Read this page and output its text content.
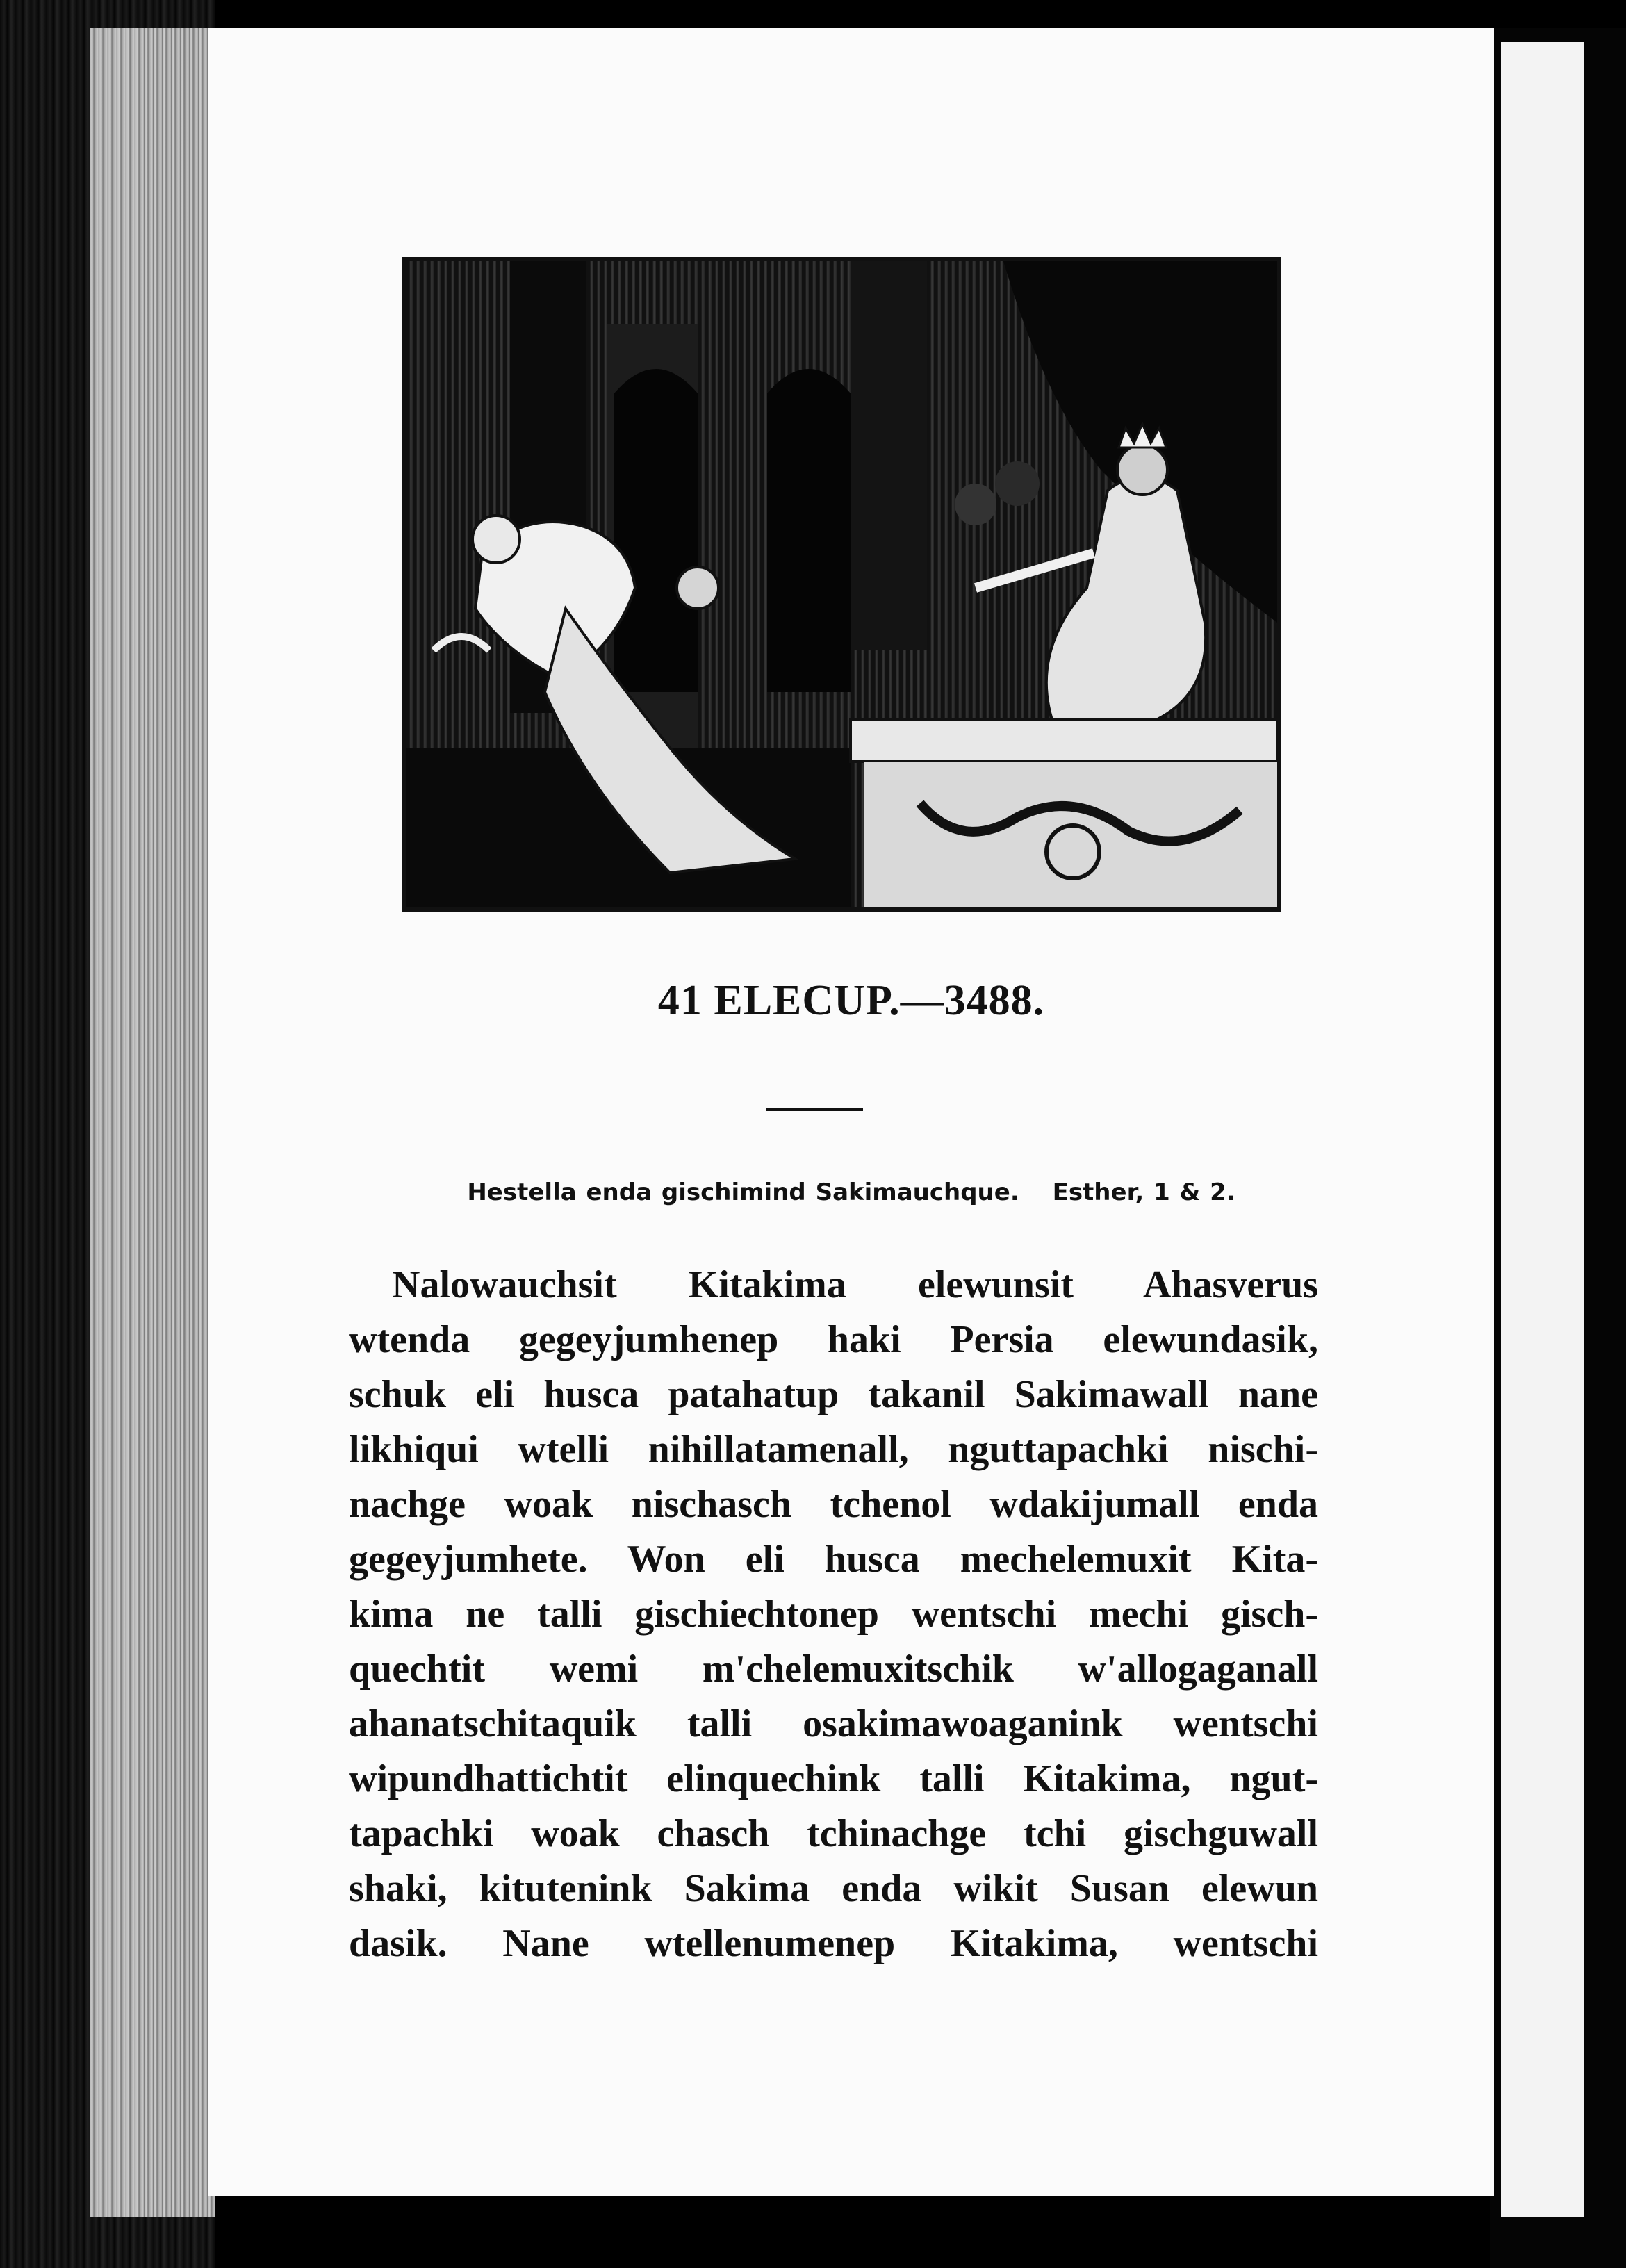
41 ELECUP.—3488.
Hestella enda gischimind Sakimauchque. Esther, 1 & 2.
Nalowauchsit Kitakima elewunsit Ahasverus
wtenda gegeyjumhenep haki Persia elewundasik,
schuk eli husca patahatup takanil Sakimawall nane
likhiqui wtelli nihillatamenall, nguttapachki nischi-
nachge woak nischasch tchenol wdakijumall enda
gegeyjumhete. Won eli husca mechelemuxit Kita-
kima ne talli gischiechtonep wentschi mechi gisch-
quechtit wemi m'chelemuxitschik w'allogaganall
ahanatschitaquik talli osakimawoaganink wentschi
wipundhattichtit elinquechink talli Kitakima, ngut-
tapachki woak chasch tchinachge tchi gischguwall
shaki, kitutenink Sakima enda wikit Susan elewun
dasik. Nane wtellenumenep Kitakima, wentschi
